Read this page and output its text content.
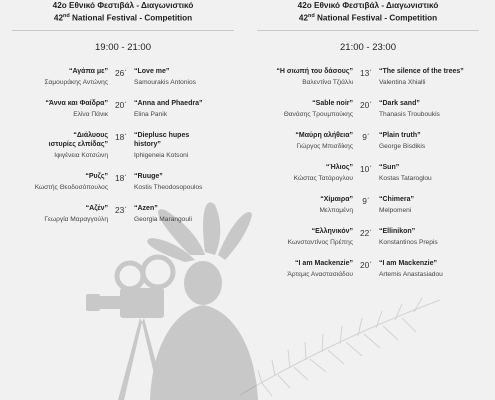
42ο Εθνικό Φεστιβάλ - Διαγωνιστικό
42nd National Festival - Competition
19:00 - 21:00
“Αγάπα με”
Σαμουράκης Αντώνης
26΄ “Love me”
Samourakis Antonios
“Άννα και Φαίδρα”
Ελίνα Πάνικ
20΄ “Anna and Phaedra”
Elina Panik
“Διάλυους ιστυρίες ελπίδας”
Ιφιγένεια Κοτσώνη
18΄ “Dieplusc hupes history”
Iphigeneia Kotsoni
“Ρυζς”
Κωστής Θεοδοσόπουλος
18΄ “Ruuge”
Kostis Theodosopoulos
“Αζέν”
Γεωργία Μαραγγούλη
23΄ “Azen”
Georgia Marangouli
42ο Εθνικό Φεστιβάλ - Διαγωνιστικό
42nd National Festival - Competition
21:00 - 23:00
“Η σιωπή του δάσους”
Βαλεντίνα Τζιάλλι
13΄ “The silence of the trees”
Valentina Xhialli
“Sable noir”
Θανάσης Τρουμπούκης
20΄ “Dark sand”
Thanasis Trouboukis
“Μαύρη αλήθεια”
Γιώργος Μπισδίκης
9΄	“Plain truth”
George Bisdikis
“Ήλιος”
Κώστας Τατάρογλου
10΄ “Sun”
Kostas Tataroglou
“Χίμαιρα”
Μελπομένη
9΄	“Chimera”
Melpomeni
“Ελληνικόν”
Κωνσταντίνος Πρέπης
22΄ “Ellinikon”
Konstantinos Prepis
“I am Mackenzie”
Άρτεμις Αναστασιάδου
20΄ “I am Mackenzie”
Artemis Anastasiadou
